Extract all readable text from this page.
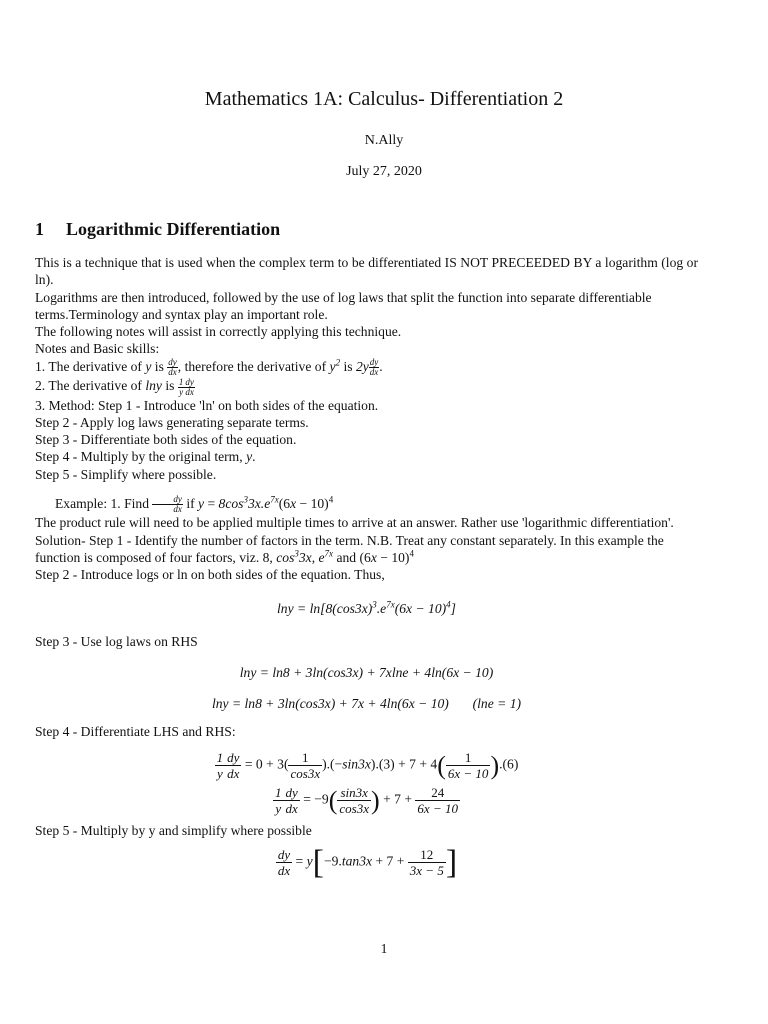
Mathematics 1A: Calculus- Differentiation 2
N.Ally
July 27, 2020
1 Logarithmic Differentiation

This is a technique that is used when the complex term to be differentiated IS NOT PRECEEDED BY a logarithm (log or ln).

Logarithms are then introduced, followed by the use of log laws that split the function into separate differentiable terms.Terminology and syntax play an important role.

The following notes will assist in correctly applying this technique.

Notes and Basic skills:

1. The derivative of y is $\frac{dy}{dx}$ , therefore the derivative of $y^2$ is $2y \frac{dy}{dx}$ .

2. The derivative of lny is $\frac{1}{y} \frac{dy}{dx}$

3. Method: Step 1 - Introduce 'ln' on both sides of the equation.

Step 2 - Apply log laws generating separate terms.

Step 3 - Differentiate both sides of the equation.

Step 4 - Multiply by the original term, y.

Step 5 - Simplify where possible.

Example: 1. Find $\frac{dy}{dx}$ if $y = 8\cos^33x.e^{7x}(6x - 10)^4$

The product rule will need to be applied multiple times to arrive at an answer. Rather use 'logarithmic differentiation'.

Solution- Step 1 - Identify the number of factors in the term. N.B. Treat any constant separately. In this example the function is composed of four factors, viz. 8, $\cos^33x$, $e^{7x}$ and $(6x - 10)^4$

Step 2 - Introduce logs or ln on both sides of the equation. Thus,

$\ln y = \ln[8(\cos 3x)^3.e^{7x}(6x - 10)^4]$

Step 3 - Use log laws on RHS

lny = ln8 + 3ln(cos3x) + 7xlne + 4ln(6x − 10)
lny = ln8 + 3ln(cos3x) + 7x + 4ln(6x − 10)       (lne = 1)

Step 4 - Differentiate LHS and RHS:

$\frac{1}{y} \frac{dy}{dx} = 0 + 3( \frac{1}{\cos 3x} ).(-\sin 3x).(3) + 7 + 4( \frac{1}{6x - 10} ).(6)$
$\frac{1}{y} \frac{dy}{dx} = -9( \frac{\sin 3x}{\cos 3x}$ ) + $7 + \frac{24}{6x - 10}$

Step 5 - Multiply by y and simplify where possible

$\frac{dy}{dx} = y[-9.\tan 3x + 7 + \frac{12}{3x - 5}$ ]
1
